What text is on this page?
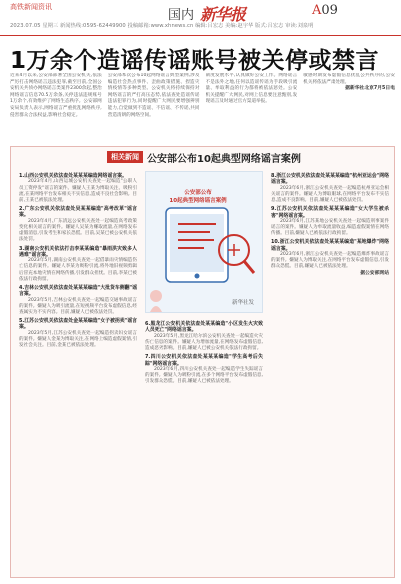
高铁新闻资讯
国内 新华报	A09
2023.07.05 星期三 新闻热线:0595-62449900 投稿邮箱:www.xhnews.cn 编辑:吕宏志 美编:赵宇华 版式:吕宏志 审读:刘泉明
1万余个造谣传谣账号被关停或禁言
近来4月以来,公安部部署全国公安机关,依法严厉打击网络谣言违法犯罪,截至目前,全国公安机关共侦办网络谣言类案件2300余起,整治网络谣言信息70.5万余条,关停违法违规账号1万余个,有效维护了网络生态秩序。公安部网安局负责人表示,网络谣言严重扰乱网络秩序,侵害群众合法权益,影响社会稳定。
公安部本次公布10起网络谣言典型案例,涉及编造社会热点事件、歪曲政策措施、捏造灾情疫情等多种类型。公安机关将持续保持对网络谣言的严打高压态势,依法查处造谣传谣违法犯罪行为,同时提醒广大网民要增强辨别能力,自觉做到不造谣、不信谣、不传谣,共同营造清朗的网络空间。
制度发展水平,认真做好公安工作。网络谣言不是法外之地,任何以造谣传谣为手段吸引流量、牟取利益的行为都将被依法惩处。公安机关提醒广大网民,对网上信息要注意甄别,发现谣言及时通过官方渠道举报。
敏感时期发布虚假信息扰乱公共秩序的,公安机关将依法严肃处理。
据新华社北京7月5日电
相关新闻 公安部公布10起典型网络谣言案例
1.山西公安机关依法查处某某某编造网络谣言案。
2023年4月,山西运城公安机关查处一起编造"公职人员工资停发"谣言的案件。嫌疑人王某为博取关注、吸粉引流,在某网络平台发布相关不实信息,造成不良社会影响。目前,王某已被依法处理。
2.广东公安机关依法查处吴某某编造"高考改革"谣言案。
2023年4月,广东清远公安机关查处一起编造高考政策变化相关谣言的案件。嫌疑人吴某为赚取流量,在网络发布虚假消息,引发考生和家长恐慌。目前,吴某已被公安机关依法处罚。
3.湖南公安机关依法打击李某某编造"暴雨洪灾致多人遇难"谣言案。
2023年5月,湖南公安机关查处一起借暴雨灾情编造伤亡信息的案件。嫌疑人李某为吸粉引流,将外地旧视频剪辑后冒充本地灾情在网络传播,引发群众担忧。目前,李某已被依法行政拘留。
4.吉林公安机关依法查处某某某编造"大批货车侧翻"谣言案。
2023年5月,吉林公安机关查处一起编造交通事故谣言的案件。嫌疑人为吸引流量,在短视频平台发布虚假信息,经查属实为不实内容。目前,嫌疑人已被依法处罚。
5.江苏公安机关依法查处金某某编造"女子被拐卖"谣言案。
2023年5月,江苏公安机关查处一起编造拐卖妇女谣言的案件。嫌疑人金某为博取关注,在网络上编造虚假案情,引发社会关注。目前,金某已被依法处理。
公安部公布
10起典型网络谣言案例
新华社发
6.黑龙江公安机关依法查处某某编造"小区发生火灾致人员死亡"网络谣言案。
2023年5月,黑龙江哈尔滨公安机关查处一起编造火灾伤亡信息的案件。嫌疑人为增加流量,在网络发布虚假信息,造成恶劣影响。目前,嫌疑人已被公安机关依法行政拘留。
7.四川公安机关依法查处某某某编造"学生高考后失踪"网络谣言案。
2023年6月,四川公安机关查处一起编造学生失踪谣言的案件。嫌疑人为吸粉引流,在多个网络平台发布虚假信息,引发群众恐慌。目前,嫌疑人已被依法处理。
8.浙江公安机关依法查处某某某编造"杭州亚运会"网络谣言案。
2023年6月,浙江公安机关查处一起编造杭州亚运会相关谣言的案件。嫌疑人为博取眼球,在网络平台发布不实信息,造成不良影响。目前,嫌疑人已被依法处罚。
9.江苏公安机关依法查处某某某编造"女大学生被杀害"网络谣言案。
2023年6月,江苏某地公安机关查处一起编造刑事案件谣言的案件。嫌疑人为牟取流量收益,编造虚假案情在网络传播。目前,嫌疑人已被依法行政拘留。
10.浙江公安机关依法查处某某某编造"某地爆炸"网络谣言案。
2023年6月,浙江公安机关查处一起编造爆炸事故谣言的案件。嫌疑人为博取关注,在网络平台发布虚假信息,引发群众恐慌。目前,嫌疑人已被依法处理。
据公安部网站
